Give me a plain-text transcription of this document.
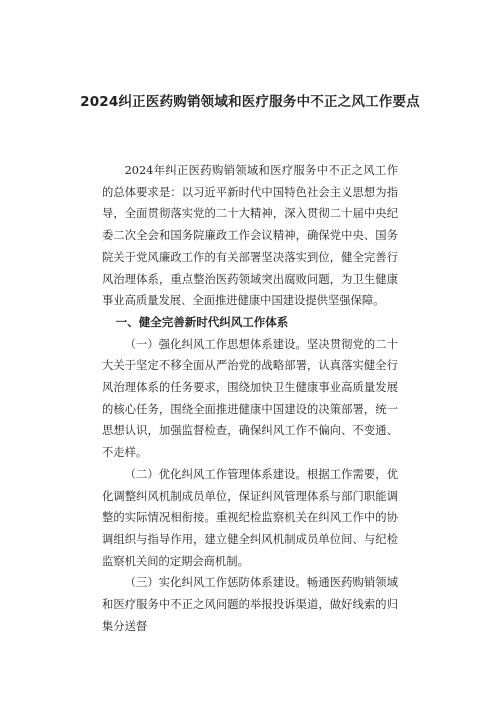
2024纠正医药购销领域和医疗服务中不正之风工作要点

2024年纠正医药购销领域和医疗服务中不正之风工作的总体要求是：以习近平新时代中国特色社会主义思想为指导，全面贯彻落实党的二十大精神，深入贯彻二十届中央纪委二次全会和国务院廉政工作会议精神，确保党中央、国务院关于党风廉政工作的有关部署坚决落实到位，健全完善行风治理体系，重点整治医药领域突出腐败问题，为卫生健康事业高质量发展、全面推进健康中国建设提供坚强保障。

一、健全完善新时代纠风工作体系

（一）强化纠风工作思想体系建设。坚决贯彻党的二十大关于坚定不移全面从严治党的战略部署，认真落实健全行风治理体系的任务要求，围绕加快卫生健康事业高质量发展的核心任务，围绕全面推进健康中国建设的决策部署，统一思想认识，加强监督检查，确保纠风工作不偏向、不变通、不走样。

（二）优化纠风工作管理体系建设。根据工作需要，优化调整纠风机制成员单位，保证纠风管理体系与部门职能调整的实际情况相衔接。重视纪检监察机关在纠风工作中的协调组织与指导作用，建立健全纠风机制成员单位间、与纪检监察机关间的定期会商机制。

（三）实化纠风工作惩防体系建设。畅通医药购销领域和医疗服务中不正之风问题的举报投诉渠道，做好线索的归集分送督
